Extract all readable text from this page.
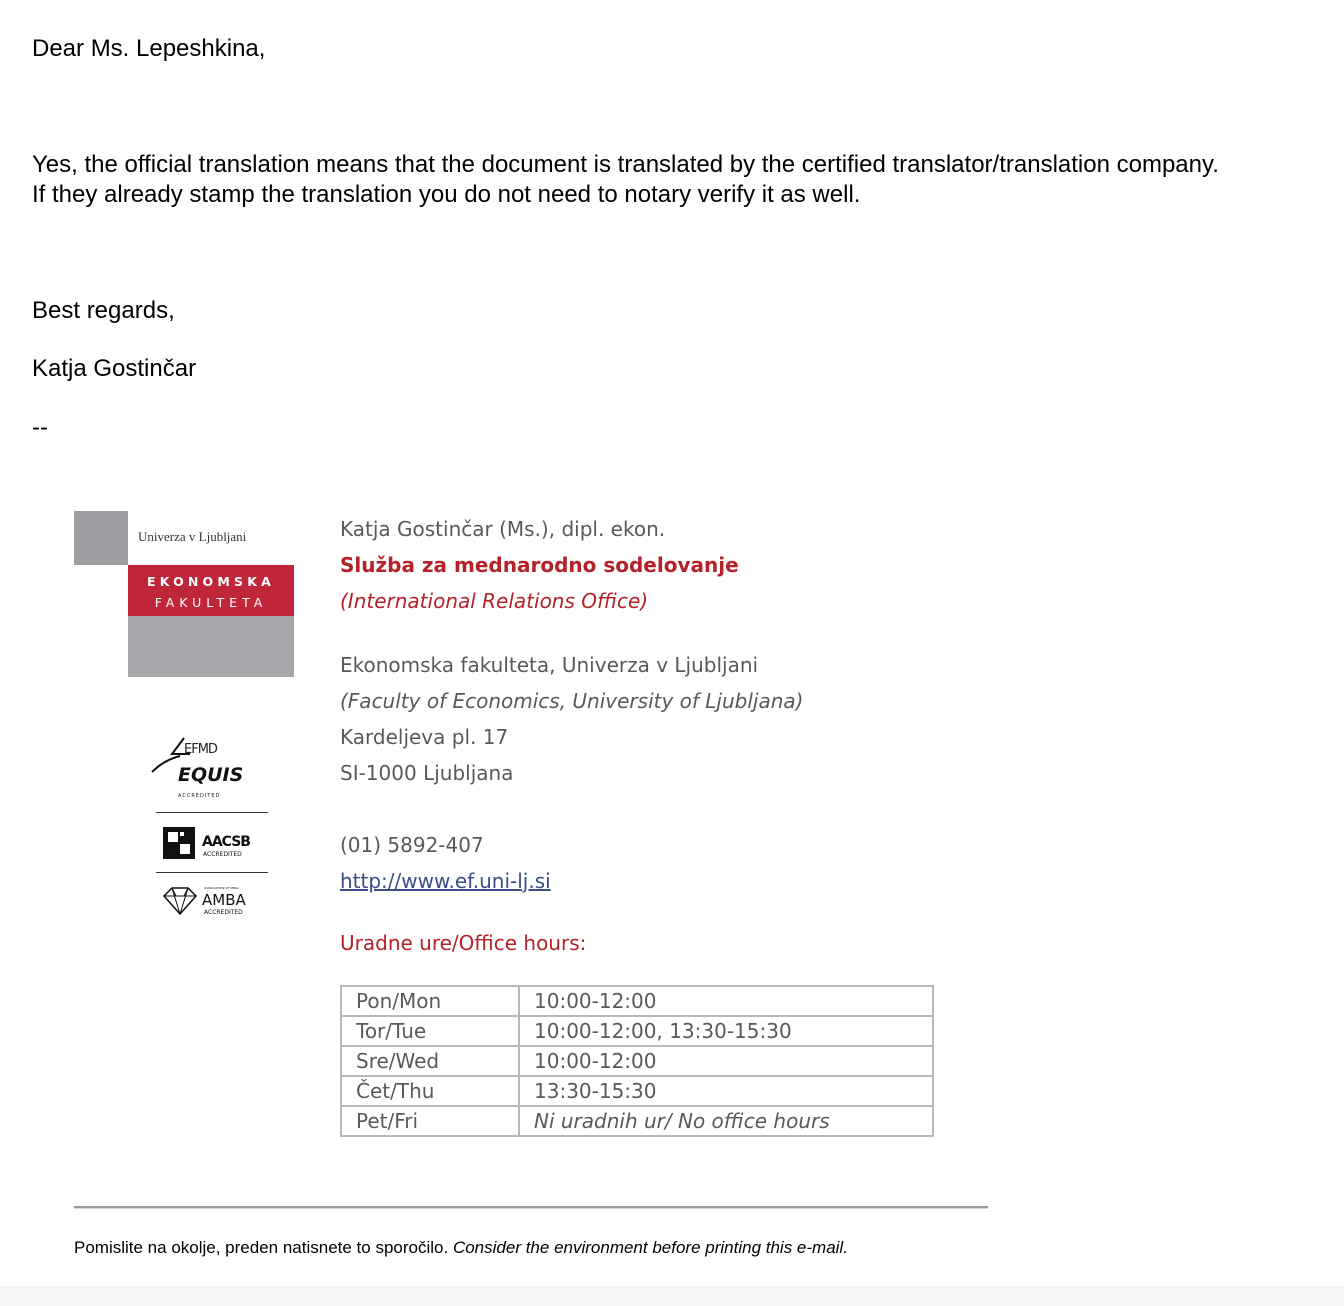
Dear Ms. Lepeshkina,
Yes, the official translation means that the document is translated by the certified translator/translation company.
If they already stamp the translation you do not need to notary verify it as well.
Best regards,
Katja Gostinčar
--
Univerza v Ljubljani
EKONOMSKA
FAKULTETA
EFMD
EQUIS
ACCREDITED
AACSB
ACCREDITED
ASSOCIATION OF MBAs
AMBA
ACCREDITED
Katja Gostinčar (Ms.), dipl. ekon.
Služba za mednarodno sodelovanje
(International Relations Office)
Ekonomska fakulteta, Univerza v Ljubljani
(Faculty of Economics, University of Ljubljana)
Kardeljeva pl. 17
SI-1000 Ljubljana
(01) 5892-407
http://www.ef.uni-lj.si
Uradne ure/Office hours:
Pon/Mon	10:00-12:00
Tor/Tue	10:00-12:00, 13:30-15:30
Sre/Wed	10:00-12:00
Čet/Thu	13:30-15:30
Pet/Fri	Ni uradnih ur/ No office hours
Pomislite na okolje, preden natisnete to sporočilo. Consider the environment before printing this e-mail.
